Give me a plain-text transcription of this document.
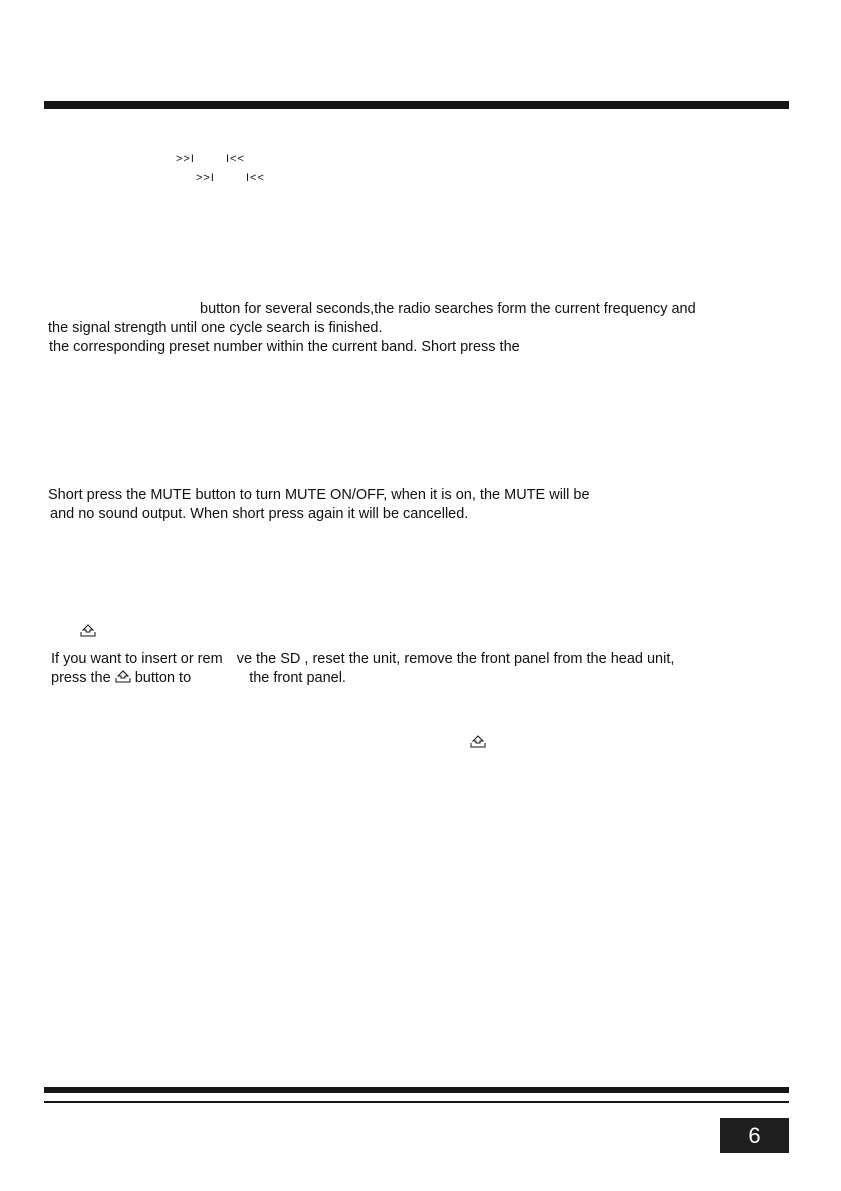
>>I	I<<
>>I	I<<
button for several seconds,the radio searches form the current frequency and
the signal strength until one cycle search is finished.
the corresponding preset number within the current band. Short press the
Short press the MUTE button to turn MUTE ON/OFF, when it is on, the MUTE will be
and no sound output. When short press again it will be cancelled.
If you want to insert or rem ve the SD , reset the unit, remove the front panel from the head unit,
press the button to	the front panel.
6
